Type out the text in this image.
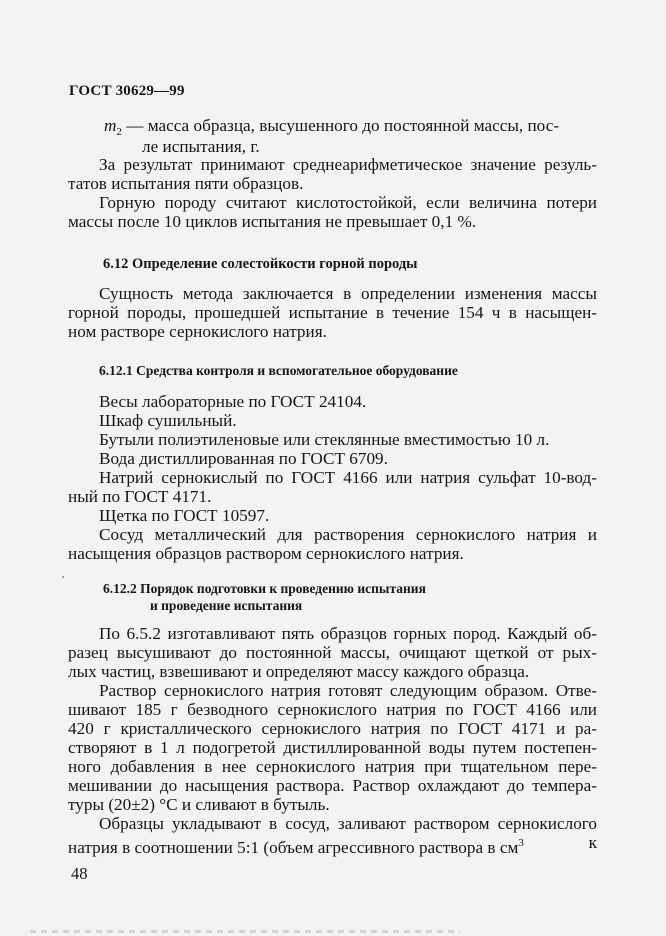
ГОСТ 30629—99
$m_2$ — масса образца, высушенного до постоянной массы, пос-
ле испытания, г.
За результат принимают среднеарифметическое значение резуль-
татов испытания пяти образцов.
Горную породу считают кислотостойкой, если величина потери
массы после 10 циклов испытания не превышает 0,1 %.
6.12 Определение солестойкости горной породы
Сущность метода заключается в определении изменения массы
горной породы, прошедшей испытание в течение 154 ч в насыщен-
ном растворе сернокислого натрия.
6.12.1 Средства контроля и вспомогательное оборудование
Весы лабораторные по ГОСТ 24104.
Шкаф сушильный.
Бутыли полиэтиленовые или стеклянные вместимостью 10 л.
Вода дистиллированная по ГОСТ 6709.
Натрий сернокислый по ГОСТ 4166 или натрия сульфат 10-вод-
ный по ГОСТ 4171.
Щетка по ГОСТ 10597.
Сосуд металлический для растворения сернокислого натрия и
насыщения образцов раствором сернокислого натрия.
6.12.2 Порядок подготовки к проведению испытания
и проведение испытания
По 6.5.2 изготавливают пять образцов горных пород. Каждый об-
разец высушивают до постоянной массы, очищают щеткой от рых-
лых частиц, взвешивают и определяют массу каждого образца.
Раствор сернокислого натрия готовят следующим образом. Отве-
шивают 185 г безводного сернокислого натрия по ГОСТ 4166 или
420 г кристаллического сернокислого натрия по ГОСТ 4171 и ра-
створяют в 1 л подогретой дистиллированной воды путем постепен-
ного добавления в нее сернокислого натрия при тщательном пере-
мешивании до насыщения раствора. Раствор охлаждают до темпера-
туры (20±2) °С и сливают в бутыль.
Образцы укладывают в сосуд, заливают раствором сернокислого
натрия в соотношении 5:1 (объем агрессивного раствора в $см^3$	к
48
